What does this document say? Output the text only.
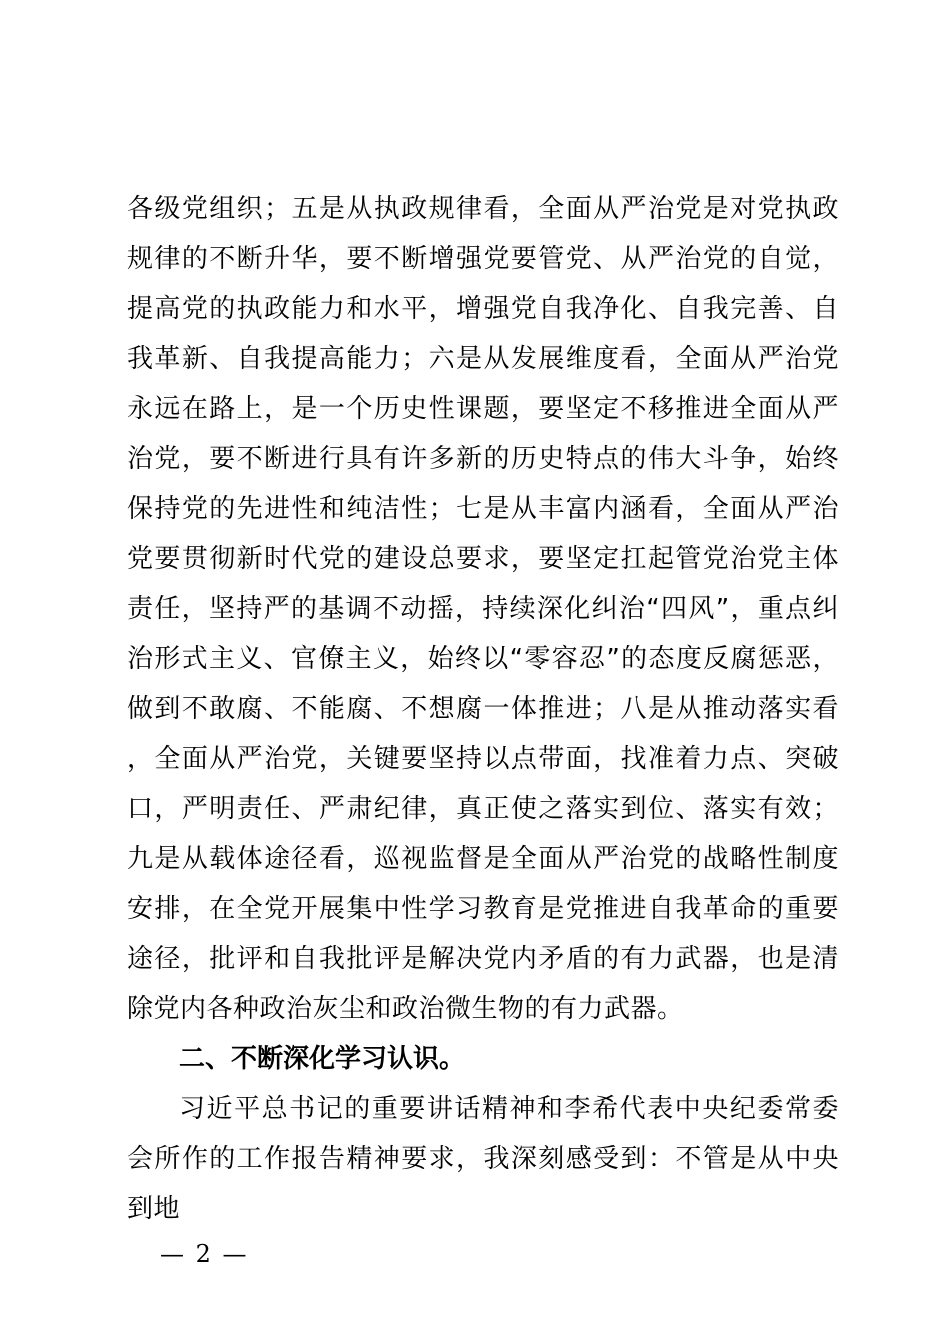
各级党组织；五是从执政规律看，全面从严治党是对党执政规律的不断升华，要不断增强党要管党、从严治党的自觉，提高党的执政能力和水平，增强党自我净化、自我完善、自我革新、自我提高能力；六是从发展维度看，全面从严治党永远在路上，是一个历史性课题，要坚定不移推进全面从严治党，要不断进行具有许多新的历史特点的伟大斗争，始终保持党的先进性和纯洁性；七是从丰富内涵看，全面从严治党要贯彻新时代党的建设总要求，要坚定扛起管党治党主体责任，坚持严的基调不动摇，持续深化纠治“四风”，重点纠治形式主义、官僚主义，始终以“零容忍”的态度反腐惩恶，做到不敢腐、不能腐、不想腐一体推进；八是从推动落实看，全面从严治党，关键要坚持以点带面，找准着力点、突破口，严明责任、严肃纪律，真正使之落实到位、落实有效；九是从载体途径看，巡视监督是全面从严治党的战略性制度安排，在全党开展集中性学习教育是党推进自我革命的重要途径，批评和自我批评是解决党内矛盾的有力武器，也是清除党内各种政治灰尘和政治微生物的有力武器。

二、不断深化学习认识。

习近平总书记的重要讲话精神和李希代表中央纪委常委会所作的工作报告精神要求，我深刻感受到：不管是从中央到地

— 2 —
